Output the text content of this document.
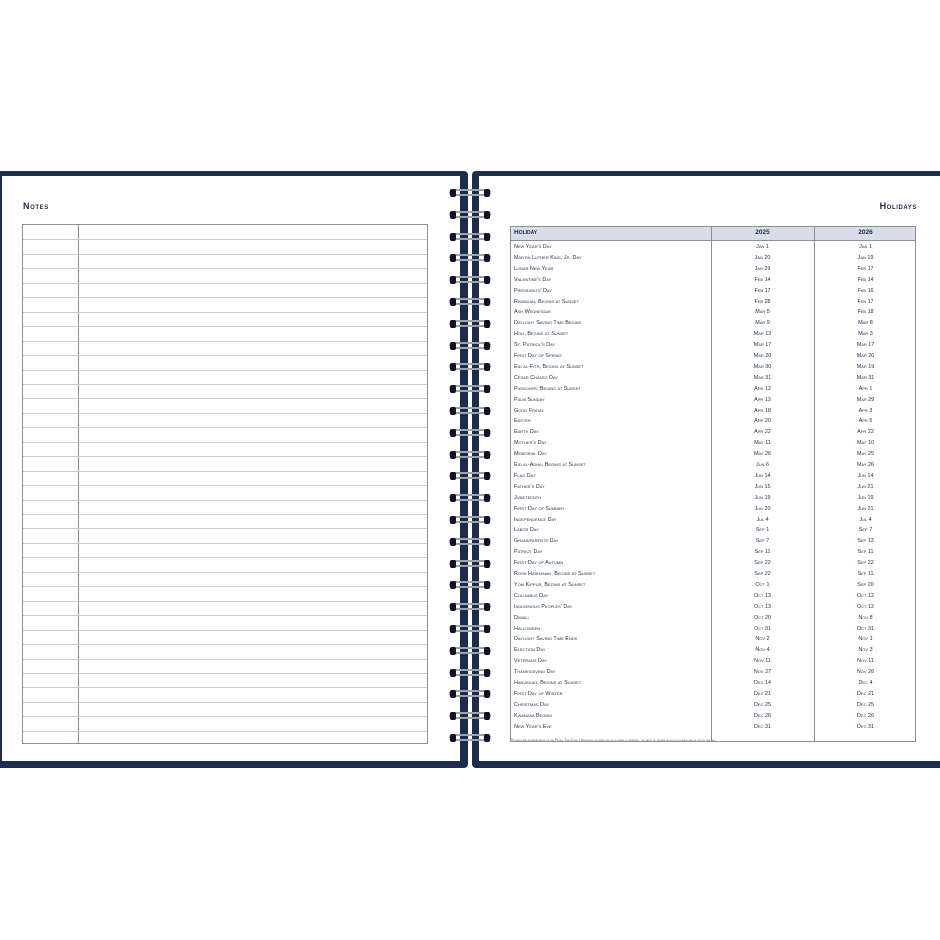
Notes	Holidays
Holiday	2025	2026
New Year's Day	Jan 1	Jan 1
Martin Luther King, Jr. Day	Jan 20	Jan 19
Lunar New Year	Jan 29	Feb 17
Valentine's Day	Feb 14	Feb 14
Presidents' Day	Feb 17	Feb 16
Ramadan, Begins at Sunset	Feb 28	Feb 17
Ash Wednesday	Mar 5	Feb 18
Daylight Saving Time Begins	Mar 9	Mar 8
Holi, Begins at Sunset	Mar 13	Mar 3
St. Patrick's Day	Mar 17	Mar 17
First Day of Spring	Mar 20	Mar 20
Eid al-Fitr, Begins at Sunset	Mar 30	Mar 19
César Chávez Day	Mar 31	Mar 31
Passover, Begins at Sunset	Apr 12	Apr 1
Palm Sunday	Apr 13	Mar 29
Good Friday	Apr 18	Apr 3
Easter	Apr 20	Apr 5
Earth Day	Apr 22	Apr 22
Mother's Day	May 11	May 10
Memorial Day	May 26	May 25
Eid al-Adha, Begins at Sunset	Jun 6	May 26
Flag Day	Jun 14	Jun 14
Father's Day	Jun 15	Jun 21
Juneteenth	Jun 19	Jun 19
First Day of Summer	Jun 20	Jun 21
Independence Day	Jul 4	Jul 4
Labor Day	Sep 1	Sep 7
Grandparents Day	Sep 7	Sep 13
Patriot Day	Sep 11	Sep 11
First Day of Autumn	Sep 22	Sep 22
Rosh Hashanah, Begins at Sunset	Sep 22	Sep 11
Yom Kippur, Begins at Sunset	Oct 1	Sep 20
Columbus Day	Oct 13	Oct 12
Indigenous Peoples' Day	Oct 13	Oct 12
Diwali	Oct 20	Nov 8
Halloween	Oct 31	Oct 31
Daylight Saving Time Ends	Nov 2	Nov 1
Election Day	Nov 4	Nov 3
Veterans Day	Nov 11	Nov 11
Thanksgiving Day	Nov 27	Nov 26
Hanukkah, Begins at Sunset	Dec 14	Dec 4
First Day of Winter	Dec 21	Dec 21
Christmas Day	Dec 25	Dec 25
Kwanzaa Begins	Dec 26	Dec 26
New Year's Eve	Dec 31	Dec 31
Holidays are representative of the Pacific Time Zone. • Depending on when the moon phase is observed, the dates of certain religious holidays may be off by one day.
